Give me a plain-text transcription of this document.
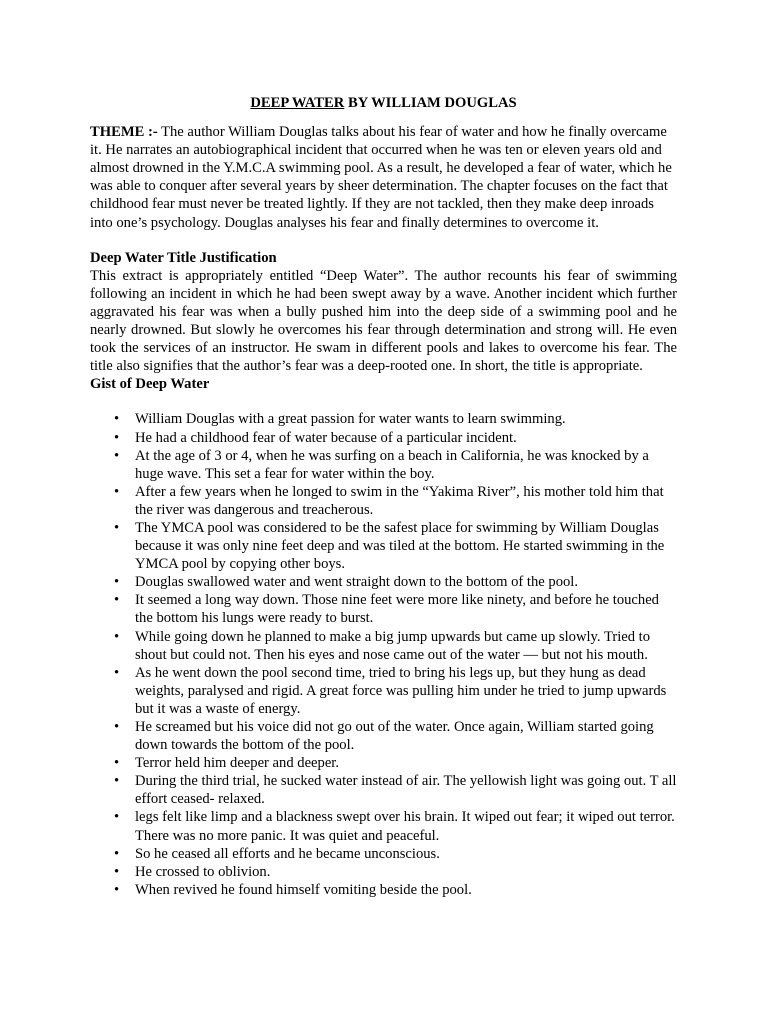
DEEP WATER BY WILLIAM DOUGLAS

THEME :- The author William Douglas talks about his fear of water and how he finally overcame it. He narrates an autobiographical incident that occurred when he was ten or eleven years old and almost drowned in the Y.M.C.A swimming pool. As a result, he developed a fear of water, which he was able to conquer after several years by sheer determination. The chapter focuses on the fact that childhood fear must never be treated lightly. If they are not tackled, then they make deep inroads into one’s psychology. Douglas analyses his fear and finally determines to overcome it.

Deep Water Title Justification

This extract is appropriately entitled “Deep Water”. The author recounts his fear of swimming following an incident in which he had been swept away by a wave. Another incident which further aggravated his fear was when a bully pushed him into the deep side of a swimming pool and he nearly drowned. But slowly he overcomes his fear through determination and strong will. He even took the services of an instructor. He swam in different pools and lakes to overcome his fear. The title also signifies that the author’s fear was a deep-rooted one. In short, the title is appropriate.

Gist of Deep Water

• William Douglas with a great passion for water wants to learn swimming.
• He had a childhood fear of water because of a particular incident.
• At the age of 3 or 4, when he was surfing on a beach in California, he was knocked by a huge wave. This set a fear for water within the boy.
• After a few years when he longed to swim in the “Yakima River”, his mother told him that the river was dangerous and treacherous.
• The YMCA pool was considered to be the safest place for swimming by William Douglas because it was only nine feet deep and was tiled at the bottom. He started swimming in the YMCA pool by copying other boys.
• Douglas swallowed water and went straight down to the bottom of the pool.
• It seemed a long way down. Those nine feet were more like ninety, and before he touched the bottom his lungs were ready to burst.
• While going down he planned to make a big jump upwards but came up slowly. Tried to shout but could not. Then his eyes and nose came out of the water — but not his mouth.
• As he went down the pool second time, tried to bring his legs up, but they hung as dead weights, paralysed and rigid. A great force was pulling him under he tried to jump upwards but it was a waste of energy.
• He screamed but his voice did not go out of the water. Once again, William started going down towards the bottom of the pool.
• Terror held him deeper and deeper.
• During the third trial, he sucked water instead of air. The yellowish light was going out. T all effort ceased- relaxed.
• legs felt like limp and a blackness swept over his brain. It wiped out fear; it wiped out terror. There was no more panic. It was quiet and peaceful.
• So he ceased all efforts and he became unconscious.
• He crossed to oblivion.
• When revived he found himself vomiting beside the pool.
